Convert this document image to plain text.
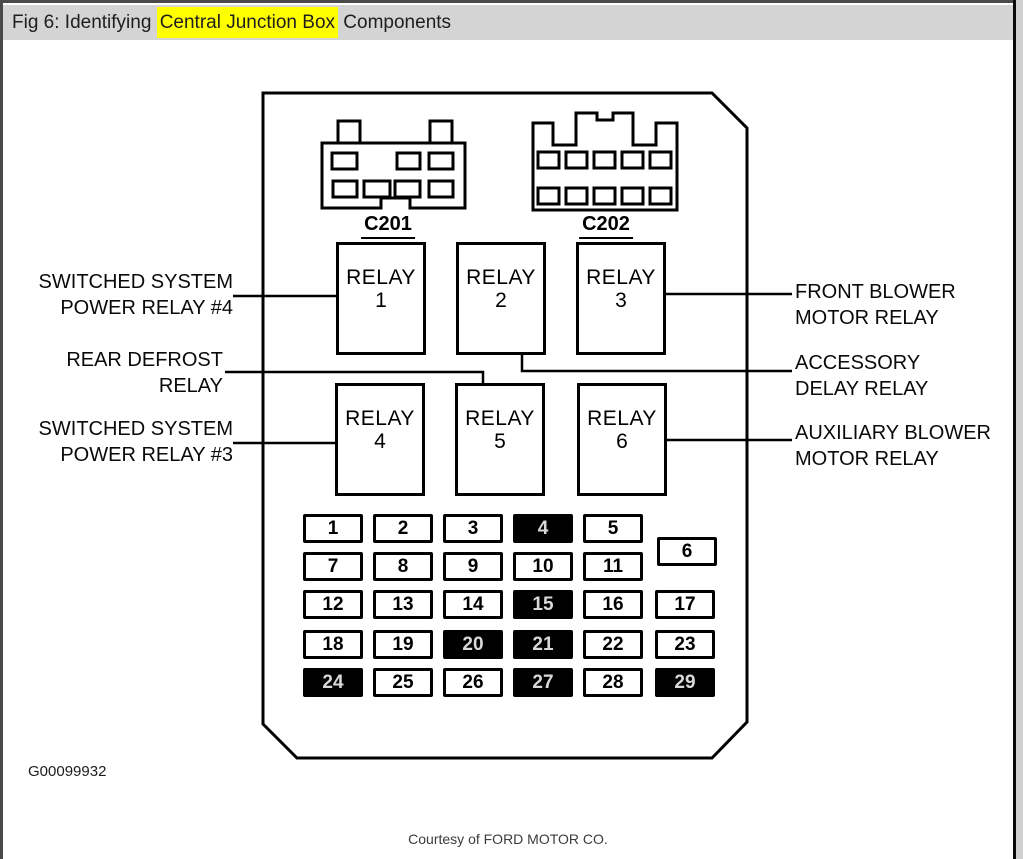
Fig 6: Identifying Central Junction Box Components
C201	C202
RELAY
1
RELAY
2
RELAY
3
RELAY
4
RELAY
5
RELAY
6
1	2	3	4	5
6
7	8	9	10	11
12	13	14	15	16	17
18	19	20	21	22	23
24	25	26	27	28	29
SWITCHED SYSTEM
POWER RELAY #4
REAR DEFROST
RELAY
SWITCHED SYSTEM
POWER RELAY #3
FRONT BLOWER
MOTOR RELAY
ACCESSORY
DELAY RELAY
AUXILIARY BLOWER
MOTOR RELAY
G00099932
Courtesy of FORD MOTOR CO.
